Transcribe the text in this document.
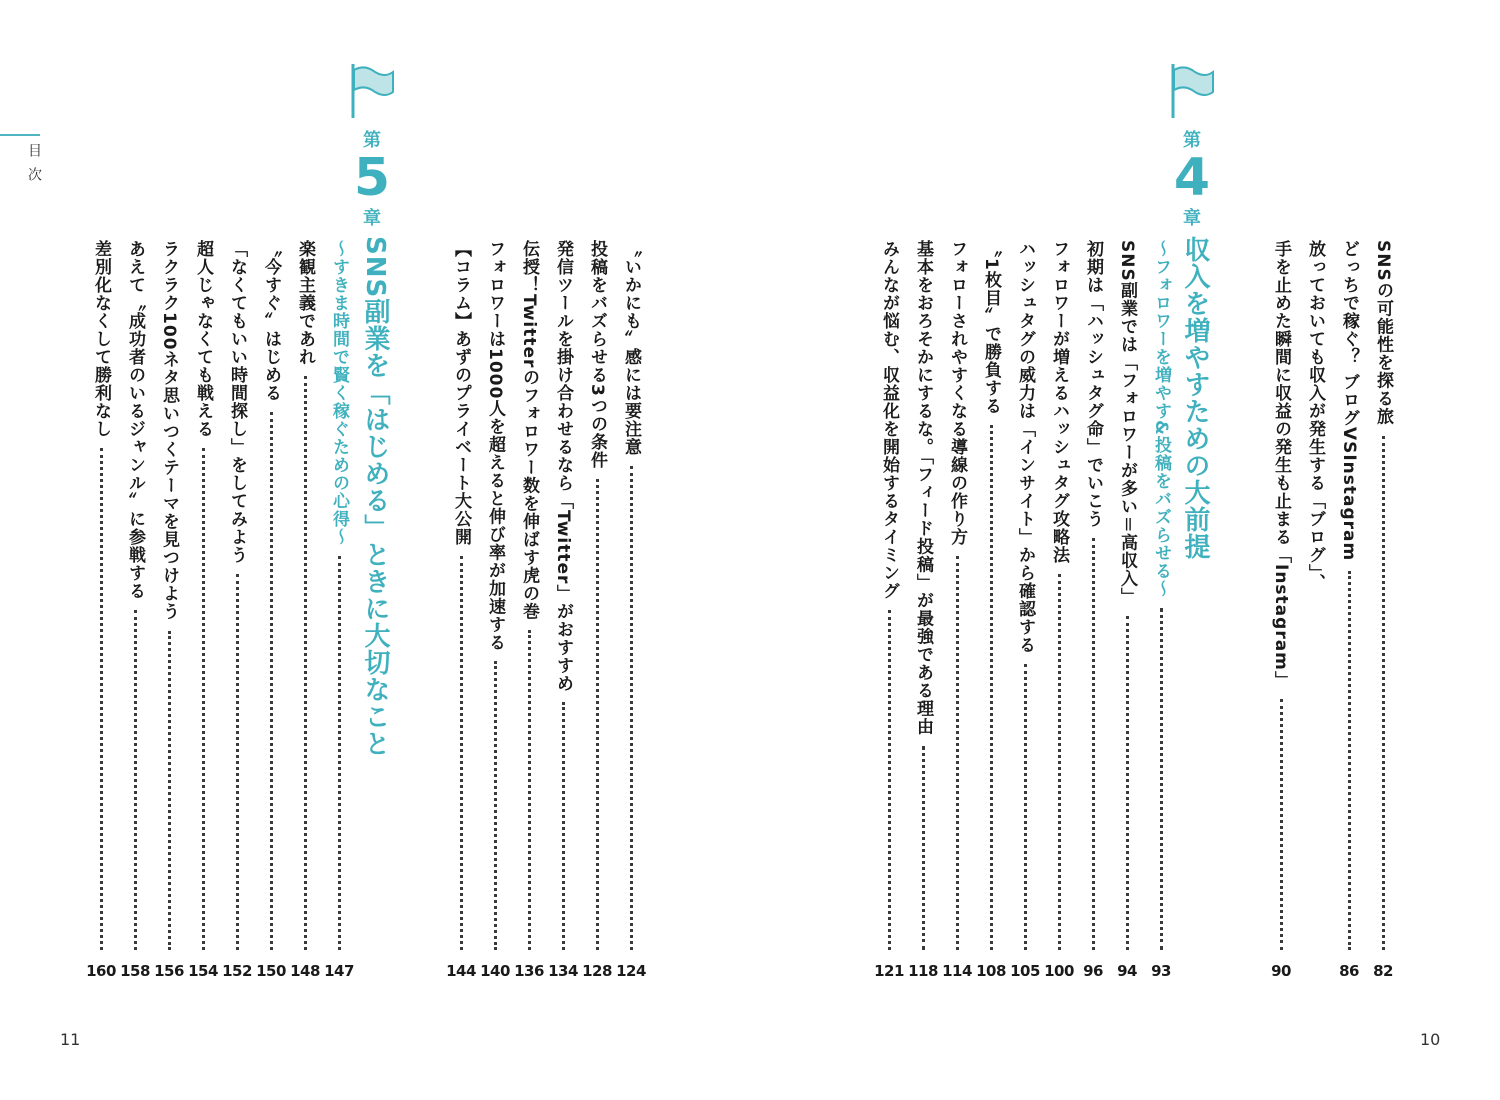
目次
11	10
SNSの可能性を探る旅
82
どっちで稼ぐ？ ブログVSInstagram
86
放っておいても収入が発生する「ブログ」、
手を止めた瞬間に収益の発生も止まる「Instagram」
90
第
4
章
収入を増やすための大前提
〜フォロワーを増やす&投稿をバズらせる〜
93
SNS副業では「フォロワーが多い＝高収入」
94
初期は「ハッシュタグ命」でいこう
96
フォロワーが増えるハッシュタグ攻略法
100
ハッシュタグの威力は「インサイト」から確認する
105
〝1枚目〟で勝負する
108
フォローされやすくなる導線の作り方
114
基本をおろそかにするな。「フィード投稿」が最強である理由
118
みんなが悩む、収益化を開始するタイミング
121
〝いかにも〟感には要注意
124
投稿をバズらせる3つの条件
128
発信ツールを掛け合わせるなら「Twitter」がおすすめ
134
伝授！Twitterのフォロワー数を伸ばす虎の巻
136
フォロワーは1000人を超えると伸び率が加速する
140
【コラム】あずのプライベート大公開
144
第
5
章
SNS副業を「はじめる」ときに大切なこと
〜すきま時間で賢く稼ぐための心得〜
147
楽観主義であれ
148
〝今すぐ〟はじめる
150
「なくてもいい時間探し」をしてみよう
152
超人じゃなくても戦える
154
ラクラク100ネタ思いつくテーマを見つけよう
156
あえて〝成功者のいるジャンル〟に参戦する
158
差別化なくして勝利なし
160
